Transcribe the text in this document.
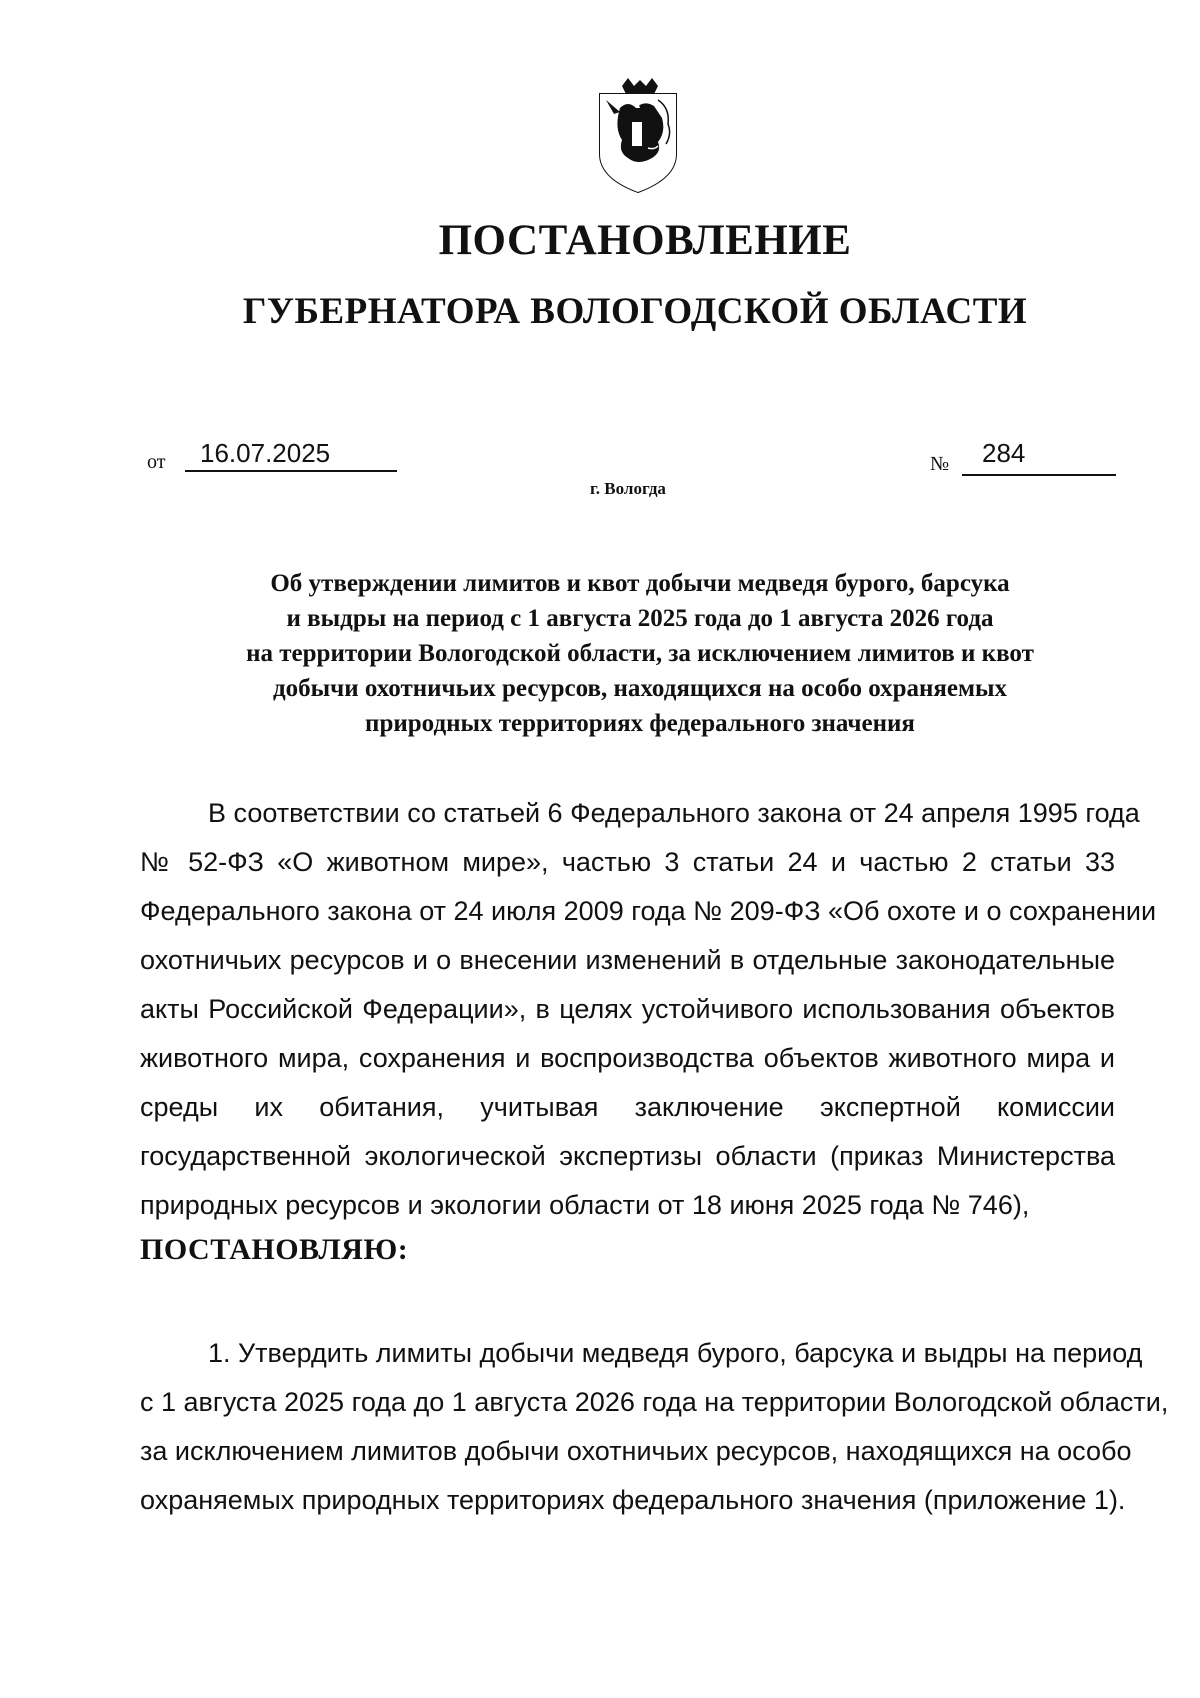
ПОСТАНОВЛЕНИЕ
ГУБЕРНАТОРА ВОЛОГОДСКОЙ ОБЛАСТИ
от 16.07.2025	№ 284
г. Вологда
Об утверждении лимитов и квот добычи медведя бурого, барсука
и выдры на период с 1 августа 2025 года до 1 августа 2026 года
на территории Вологодской области, за исключением лимитов и квот
добычи охотничьих ресурсов, находящихся на особо охраняемых
природных территориях федерального значения
В соответствии со статьей 6 Федерального закона от 24 апреля 1995 года
№ 52-ФЗ «О животном мире», частью 3 статьи 24 и частью 2 статьи 33
Федерального закона от 24 июля 2009 года № 209-ФЗ «Об охоте и о сохранении
охотничьих ресурсов и о внесении изменений в отдельные законодательные
акты Российской Федерации», в целях устойчивого использования объектов
животного мира, сохранения и воспроизводства объектов животного мира и
среды их обитания, учитывая заключение экспертной комиссии
государственной экологической экспертизы области (приказ Министерства
природных ресурсов и экологии области от 18 июня 2025 года № 746),
ПОСТАНОВЛЯЮ:
1. Утвердить лимиты добычи медведя бурого, барсука и выдры на период
с 1 августа 2025 года до 1 августа 2026 года на территории Вологодской области,
за исключением лимитов добычи охотничьих ресурсов, находящихся на особо
охраняемых природных территориях федерального значения (приложение 1).
